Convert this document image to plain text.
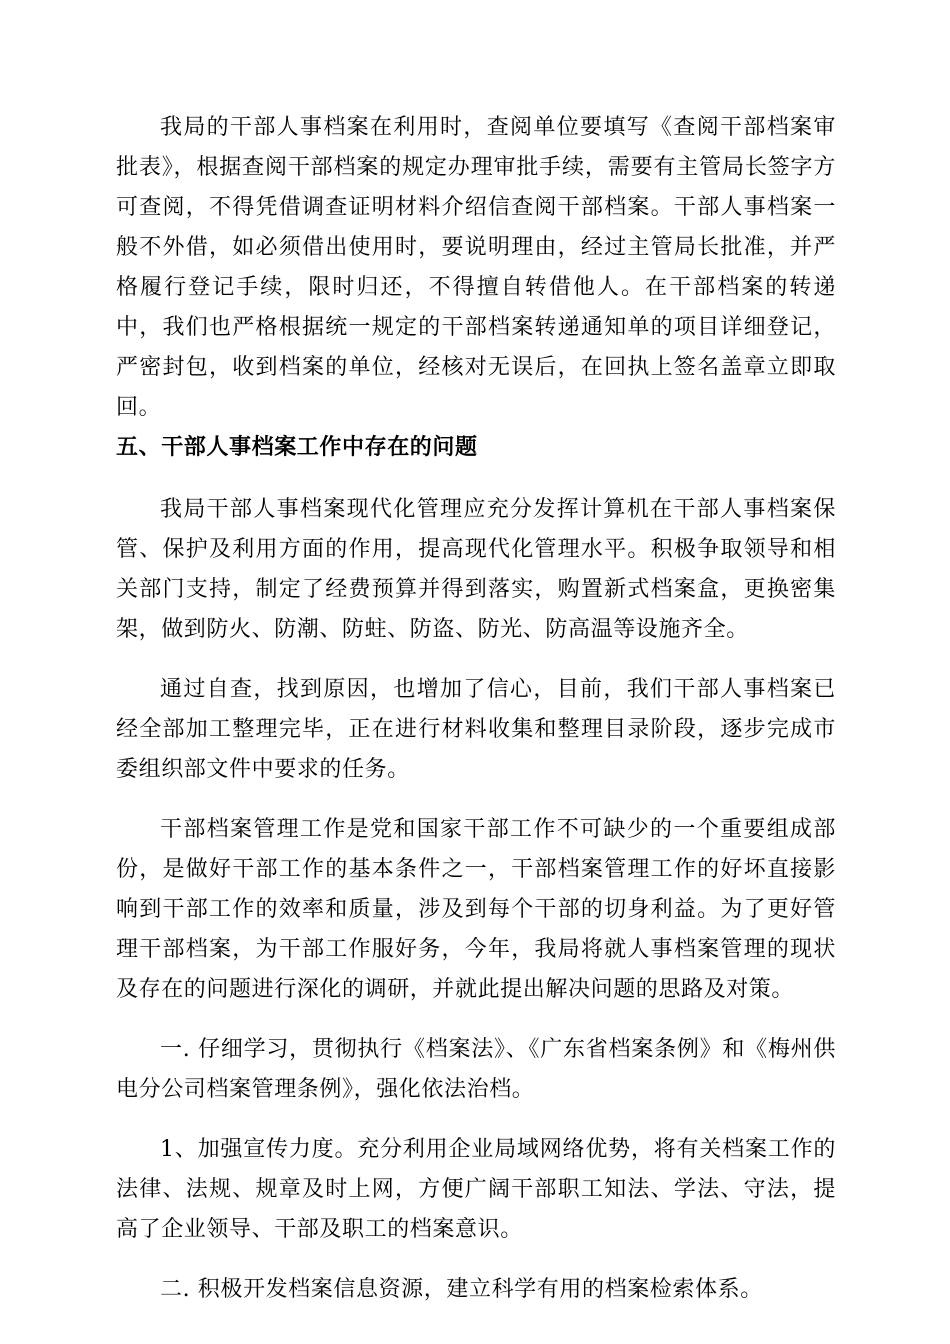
我局的干部人事档案在利用时，查阅单位要填写《查阅干部档案审批表》，根据查阅干部档案的规定办理审批手续，需要有主管局长签字方可查阅，不得凭借调查证明材料介绍信查阅干部档案。干部人事档案一般不外借，如必须借出使用时，要说明理由，经过主管局长批准，并严格履行登记手续，限时归还，不得擅自转借他人。在干部档案的转递中，我们也严格根据统一规定的干部档案转递通知单的项目详细登记，严密封包，收到档案的单位，经核对无误后，在回执上签名盖章立即取回。

五、干部人事档案工作中存在的问题

我局干部人事档案现代化管理应充分发挥计算机在干部人事档案保管、保护及利用方面的作用，提高现代化管理水平。积极争取领导和相关部门支持，制定了经费预算并得到落实，购置新式档案盒，更换密集架，做到防火、防潮、防蛀、防盗、防光、防高温等设施齐全。

通过自查，找到原因，也增加了信心，目前，我们干部人事档案已经全部加工整理完毕，正在进行材料收集和整理目录阶段，逐步完成市委组织部文件中要求的任务。

干部档案管理工作是党和国家干部工作不可缺少的一个重要组成部份，是做好干部工作的基本条件之一，干部档案管理工作的好坏直接影响到干部工作的效率和质量，涉及到每个干部的切身利益。为了更好管理干部档案，为干部工作服好务，今年，我局将就人事档案管理的现状及存在的问题进行深化的调研，并就此提出解决问题的思路及对策。

一. 仔细学习，贯彻执行《档案法》、《广东省档案条例》和《梅州供电分公司档案管理条例》，强化依法治档。

1、加强宣传力度。充分利用企业局域网络优势，将有关档案工作的法律、法规、规章及时上网，方便广阔干部职工知法、学法、守法，提高了企业领导、干部及职工的档案意识。

二. 积极开发档案信息资源，建立科学有用的档案检索体系。
